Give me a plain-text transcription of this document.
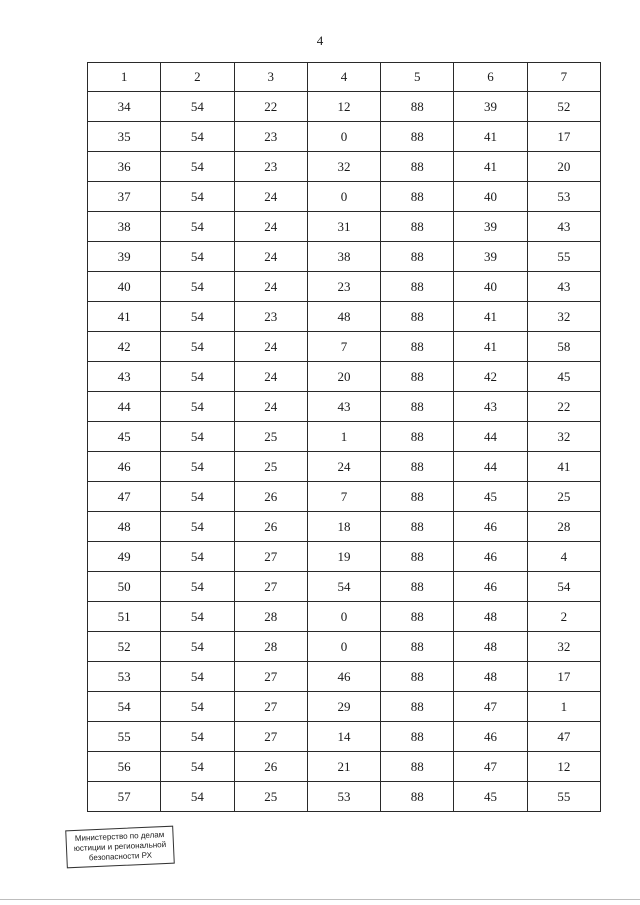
4
1	2	3	4	5	6	7
34	54	22	12	88	39	52
35	54	23	0	88	41	17
36	54	23	32	88	41	20
37	54	24	0	88	40	53
38	54	24	31	88	39	43
39	54	24	38	88	39	55
40	54	24	23	88	40	43
41	54	23	48	88	41	32
42	54	24	7	88	41	58
43	54	24	20	88	42	45
44	54	24	43	88	43	22
45	54	25	1	88	44	32
46	54	25	24	88	44	41
47	54	26	7	88	45	25
48	54	26	18	88	46	28
49	54	27	19	88	46	4
50	54	27	54	88	46	54
51	54	28	0	88	48	2
52	54	28	0	88	48	32
53	54	27	46	88	48	17
54	54	27	29	88	47	1
55	54	27	14	88	46	47
56	54	26	21	88	47	12
57	54	25	53	88	45	55
Министерство по делам
юстиции и региональной
безопасности РХ
